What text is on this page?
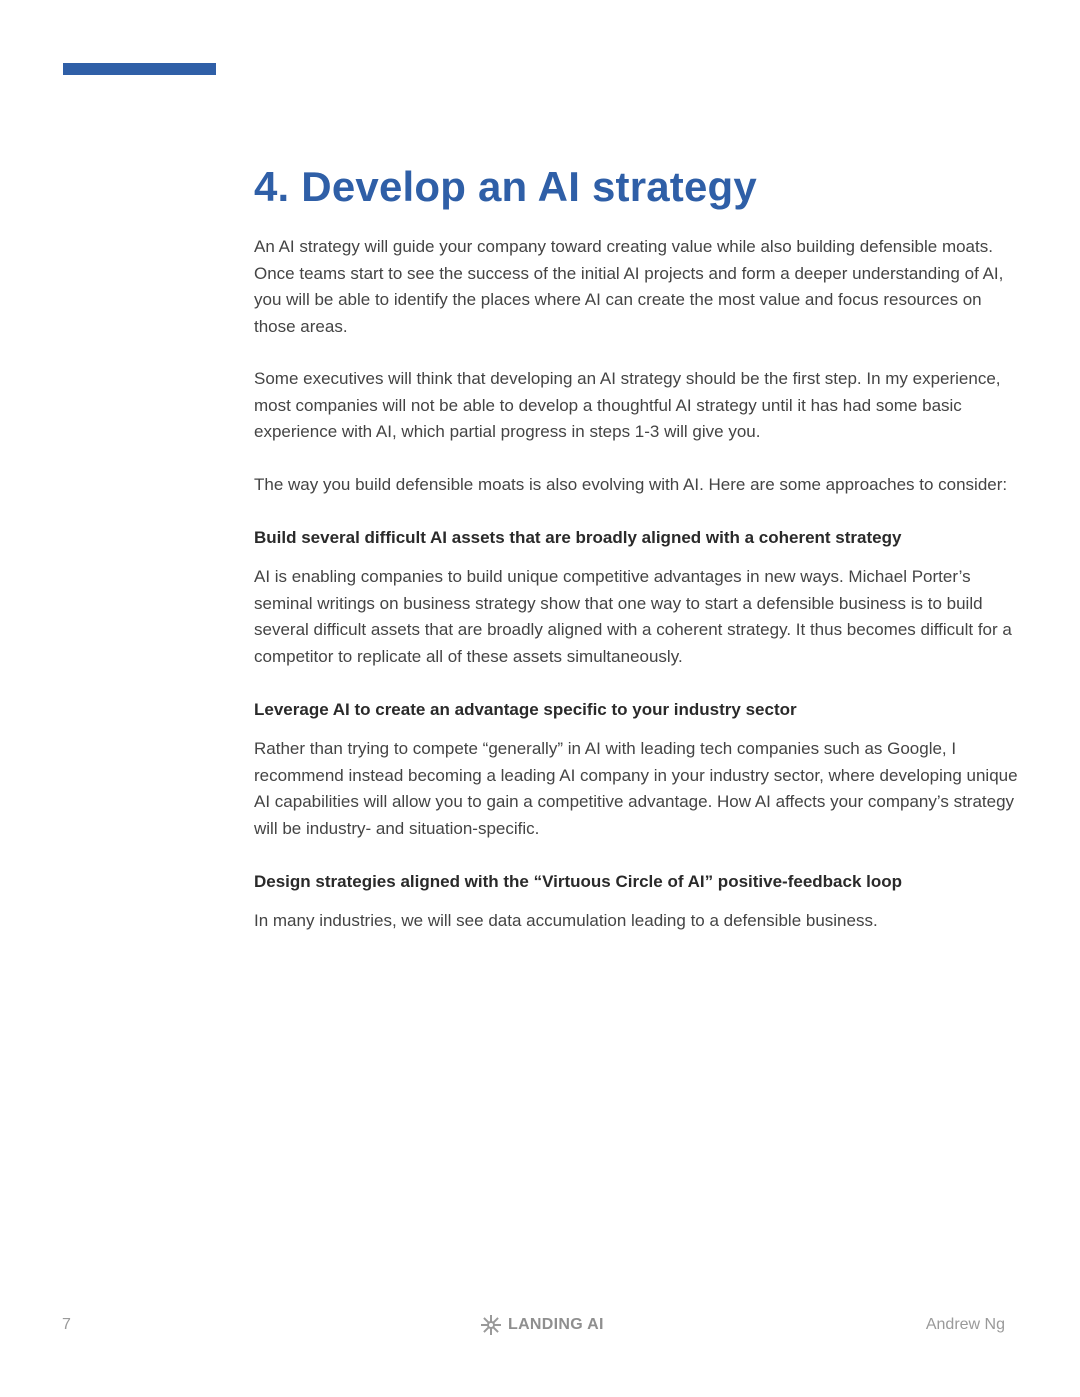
4. Develop an AI strategy

An AI strategy will guide your company toward creating value while also building defensible moats. Once teams start to see the success of the initial AI projects and form a deeper understanding of AI, you will be able to identify the places where AI can create the most value and focus resources on those areas.

Some executives will think that developing an AI strategy should be the first step. In my experience, most companies will not be able to develop a thoughtful AI strategy until it has had some basic experience with AI, which partial progress in steps 1-3 will give you.

The way you build defensible moats is also evolving with AI. Here are some approaches to consider:

Build several difficult AI assets that are broadly aligned with a coherent strategy

AI is enabling companies to build unique competitive advantages in new ways. Michael Porter’s seminal writings on business strategy show that one way to start a defensible business is to build several difficult assets that are broadly aligned with a coherent strategy. It thus becomes difficult for a competitor to replicate all of these assets simultaneously.

Leverage AI to create an advantage specific to your industry sector

Rather than trying to compete “generally” in AI with leading tech companies such as Google, I recommend instead becoming a leading AI company in your industry sector, where developing unique AI capabilities will allow you to gain a competitive advantage. How AI affects your company’s strategy will be industry- and situation-specific.

Design strategies aligned with the “Virtuous Circle of AI” positive-feedback loop

In many industries, we will see data accumulation leading to a defensible business.

7	LANDING AI	Andrew Ng
